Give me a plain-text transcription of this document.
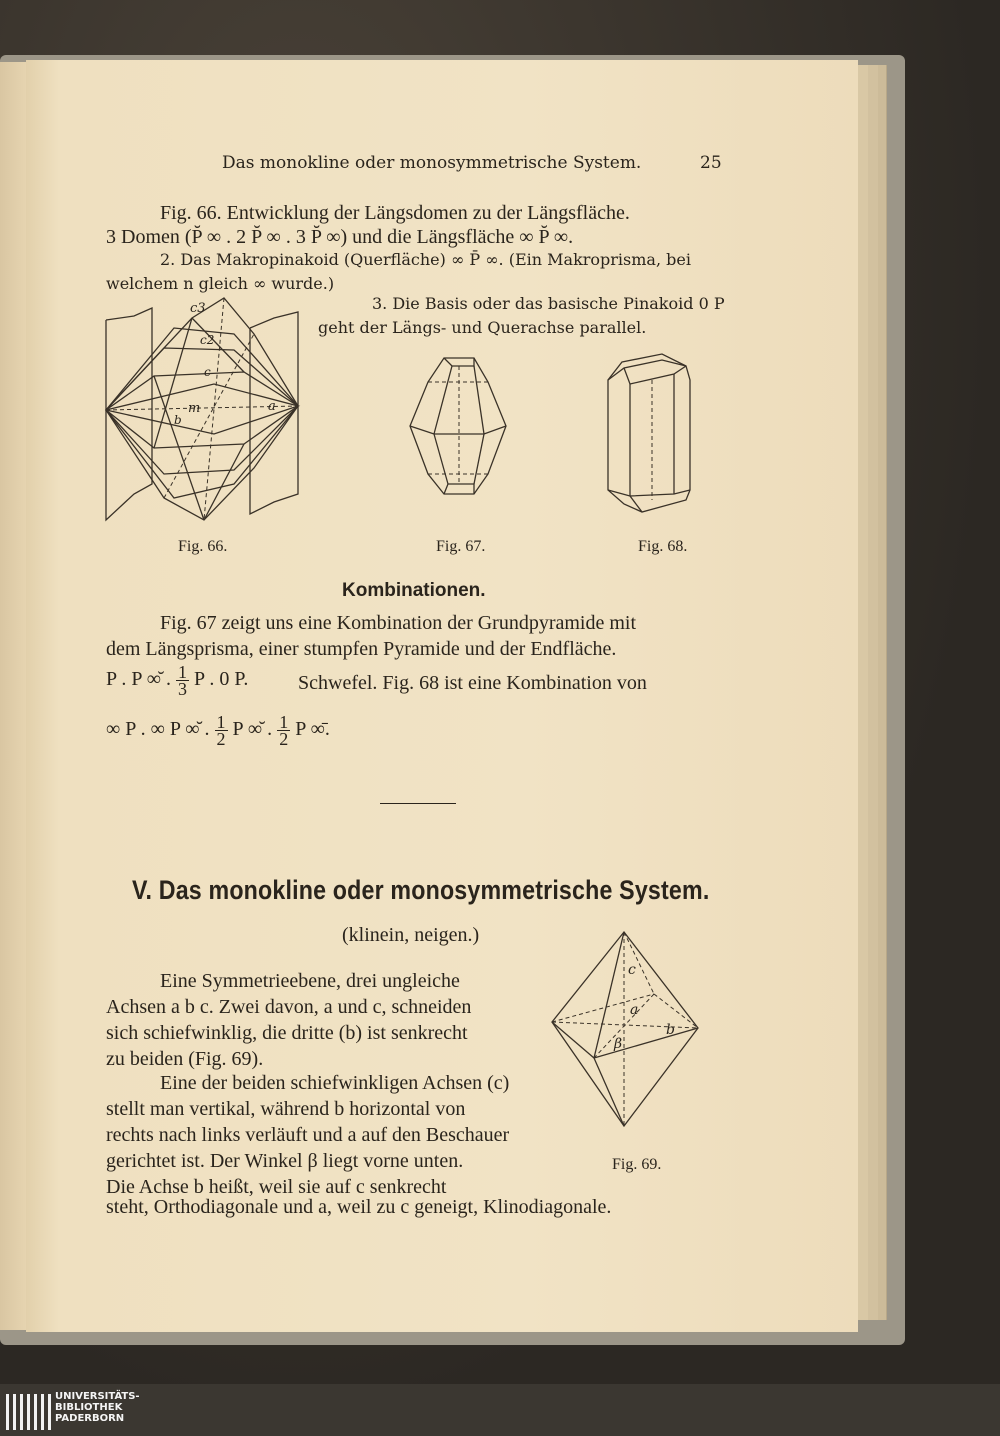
Das monokline oder monosymmetrische System.	25
Fig. 66. Entwicklung der Längsdomen zu der Längsfläche.
3 Domen (P̆ ∞ . 2 P̆ ∞ . 3 P̆ ∞) und die Längsfläche ∞ P̆ ∞.
2. Das Makropinakoid (Querfläche) ∞ P̄ ∞. (Ein Makroprisma, bei
welchem n gleich ∞ wurde.)
3. Die Basis oder das basische Pinakoid 0 P
geht der Längs- und Querachse parallel.
c3
c2
c
m	a
b
Fig. 66.	Fig. 67.	Fig. 68.
Kombinationen.
Fig. 67 zeigt uns eine Kombination der Grundpyramide mit
dem Längsprisma, einer stumpfen Pyramide und der Endfläche.
P . P ∞̆ . $\frac{1}{3}$ P . 0 P. Schwefel. Fig. 68 ist eine Kombination von
∞ P . ∞ P ∞̆ . $\frac{1}{2}$ P ∞̆ . $\frac{1}{2}$ P ∞̄.
V. Das monokline oder monosymmetrische System.
(klinein, neigen.)
Eine Symmetrieebene, drei ungleiche
Achsen a b c. Zwei davon, a und c, schneiden
sich schiefwinklig, die dritte (b) ist senkrecht
zu beiden (Fig. 69).
Eine der beiden schiefwinkligen Achsen (c)
stellt man vertikal, während b horizontal von
rechts nach links verläuft und a auf den Beschauer
gerichtet ist. Der Winkel β liegt vorne unten.
Die Achse b heißt, weil sie auf c senkrecht
steht, Orthodiagonale und a, weil zu c geneigt, Klinodiagonale.
c
a
b
β
Fig. 69.
UNIVERSITÄTS-
BIBLIOTHEK
PADERBORN
